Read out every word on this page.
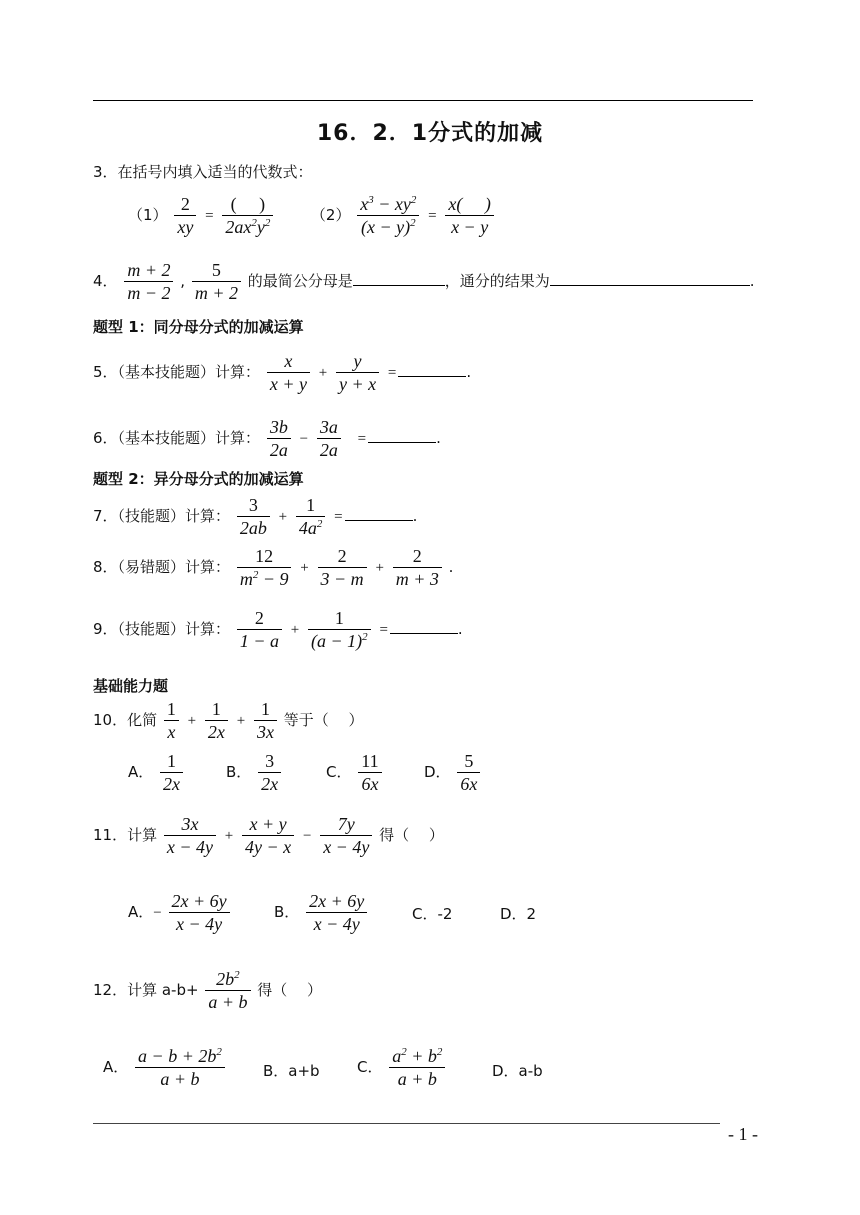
16．2．1分式的加减
3．在括号内填入适当的代数式：
$(1) \frac{2}{xy} = \frac{( )}{2ax^2y^2}$	$(2) \frac{x^3 - xy^2}{(x - y)^2} = \frac{x( )}{x - y}$
4． $\frac{m + 2}{m - 2}$ , $\frac{5}{m + 2}$ 的最简公分母是	，通分的结果为	.
题型 1：同分母分式的加减运算
5．（基本技能题）计算： $\frac{x}{x + y} + \frac{y}{y + x}$ =	.
6．（基本技能题）计算： $\frac{3b}{2a} - \frac{3a}{2a}$ =	.
题型 2：异分母分式的加减运算
7．（技能题）计算： $\frac{3}{2ab} + \frac{1}{4a^2}$ =	.
8．（易错题）计算： $\frac{12}{m^2 - 9} + \frac{2}{3 - m} + \frac{2}{m + 3}$ .
9．（技能题）计算： $\frac{2}{1 - a} + \frac{1}{(a - 1)^2}$ =	.
基础能力题
10．化简 $\frac{1}{x} + \frac{1}{2x} + \frac{1}{3x}$ 等于（　 ）
A． $\frac{1}{2x}$	B． $\frac{3}{2x}$	C． $\frac{11}{6x}$	D． $\frac{5}{6x}$
11．计算 $\frac{3x}{x - 4y} + \frac{x + y}{4y - x} - \frac{7y}{x - 4y}$ 得（　 ）
A．− $\frac{2x + 6y}{x - 4y}$	B． $\frac{2x + 6y}{x - 4y}$	C．-2	D．2
12．计算 $a-b+ \frac{2b^2}{a + b}$ 得（　 ）
A． $\frac{a - b + 2b^2}{a + b}$	B．a+b C． $\frac{a^2 + b^2}{a + b}$	D．a-b
- 1 -
